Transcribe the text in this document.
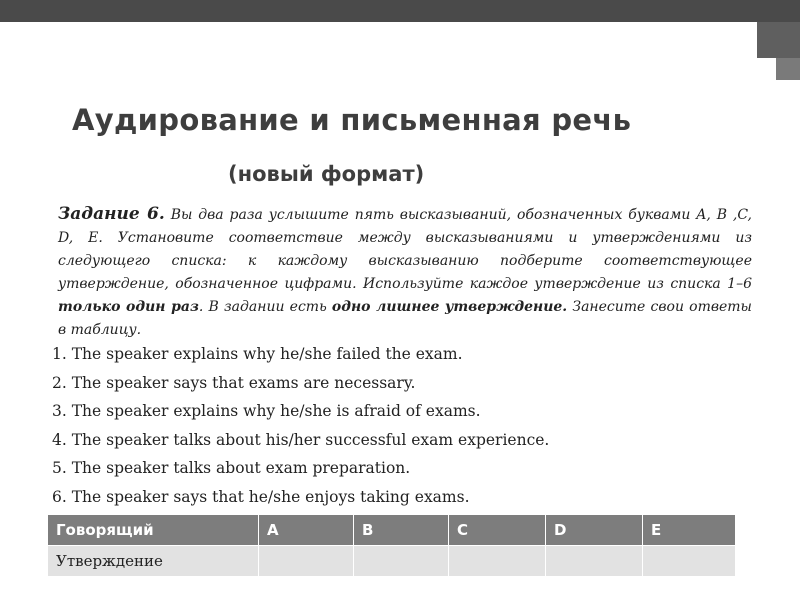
Аудирование и письменная речь
(новый формат)
Задание 6. Вы два раза услышите пять высказываний, обозначенных буквами A, B ,C, D, E. Установите соответствие между высказываниями и утверждениями из следующего списка: к каждому высказыванию подберите соответствующее утверждение, обозначенное цифрами. Используйте каждое утверждение из списка 1–6 только один раз. В задании есть одно лишнее утверждение. Занесите свои ответы в таблицу.
1. The speaker explains why he/she failed the exam.
2. The speaker says that exams are necessary.
3. The speaker explains why he/she is afraid of exams.
4. The speaker talks about his/her successful exam experience.
5. The speaker talks about exam preparation.
6. The speaker says that he/she enjoys taking exams.
Говорящий	A	B	C	D	E
Утверждение					
